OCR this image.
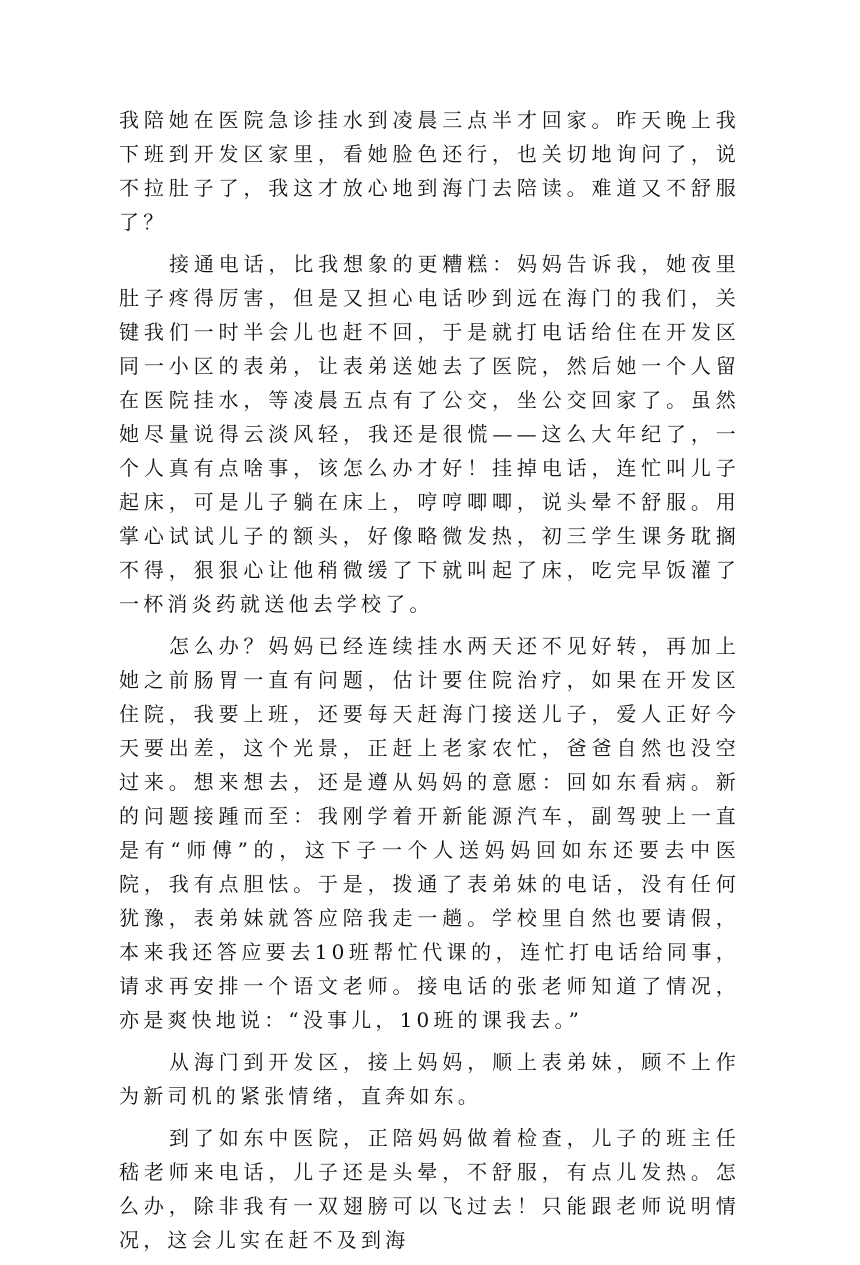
我陪她在医院急诊挂水到凌晨三点半才回家。昨天晚上我下班到开发区家里，看她脸色还行，也关切地询问了，说不拉肚子了，我这才放心地到海门去陪读。难道又不舒服了？

接通电话，比我想象的更糟糕：妈妈告诉我，她夜里肚子疼得厉害，但是又担心电话吵到远在海门的我们，关键我们一时半会儿也赶不回，于是就打电话给住在开发区同一小区的表弟，让表弟送她去了医院，然后她一个人留在医院挂水，等凌晨五点有了公交，坐公交回家了。虽然她尽量说得云淡风轻，我还是很慌——这么大年纪了，一个人真有点啥事，该怎么办才好！挂掉电话，连忙叫儿子起床，可是儿子躺在床上，哼哼唧唧，说头晕不舒服。用掌心试试儿子的额头，好像略微发热，初三学生课务耽搁不得，狠狠心让他稍微缓了下就叫起了床，吃完早饭灌了一杯消炎药就送他去学校了。

怎么办？妈妈已经连续挂水两天还不见好转，再加上她之前肠胃一直有问题，估计要住院治疗，如果在开发区住院，我要上班，还要每天赶海门接送儿子，爱人正好今天要出差，这个光景，正赶上老家农忙，爸爸自然也没空过来。想来想去，还是遵从妈妈的意愿：回如东看病。新的问题接踵而至：我刚学着开新能源汽车，副驾驶上一直是有“师傅”的，这下子一个人送妈妈回如东还要去中医院，我有点胆怯。于是，拨通了表弟妹的电话，没有任何犹豫，表弟妹就答应陪我走一趟。学校里自然也要请假，本来我还答应要去10班帮忙代课的，连忙打电话给同事，请求再安排一个语文老师。接电话的张老师知道了情况，亦是爽快地说：“没事儿，10班的课我去。”

从海门到开发区，接上妈妈，顺上表弟妹，顾不上作为新司机的紧张情绪，直奔如东。

到了如东中医院，正陪妈妈做着检查，儿子的班主任嵇老师来电话，儿子还是头晕，不舒服，有点儿发热。怎么办，除非我有一双翅膀可以飞过去！只能跟老师说明情况，这会儿实在赶不及到海
